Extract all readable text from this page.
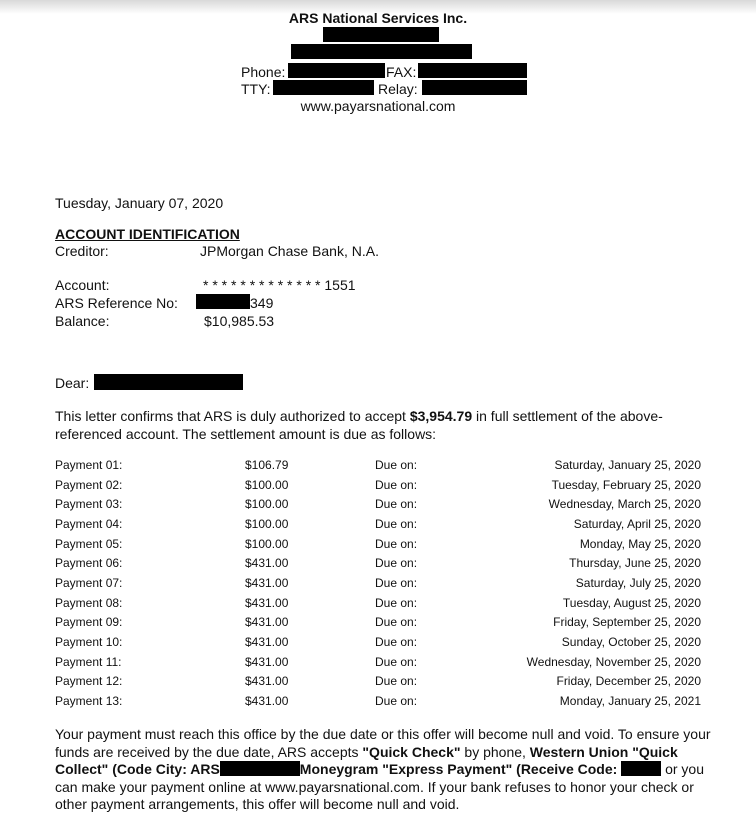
ARS National Services Inc.
Phone:	FAX:
TTY:	Relay:
www.payarsnational.com
Tuesday, January 07, 2020
ACCOUNT IDENTIFICATION
Creditor:	JPMorgan Chase Bank, N.A.
Account:	* * * * * * * * * * * * * 1551
ARS Reference No:	349
Balance:	$10,985.53
Dear:
This letter confirms that ARS is duly authorized to accept $3,954.79 in full settlement of the above-referenced account. The settlement amount is due as follows:
Payment 01:	$106.79	Due on:	Saturday, January 25, 2020
Payment 02:	$100.00	Due on:	Tuesday, February 25, 2020
Payment 03:	$100.00	Due on:	Wednesday, March 25, 2020
Payment 04:	$100.00	Due on:	Saturday, April 25, 2020
Payment 05:	$100.00	Due on:	Monday, May 25, 2020
Payment 06:	$431.00	Due on:	Thursday, June 25, 2020
Payment 07:	$431.00	Due on:	Saturday, July 25, 2020
Payment 08:	$431.00	Due on:	Tuesday, August 25, 2020
Payment 09:	$431.00	Due on:	Friday, September 25, 2020
Payment 10:	$431.00	Due on:	Sunday, October 25, 2020
Payment 11:	$431.00	Due on:	Wednesday, November 25, 2020
Payment 12:	$431.00	Due on:	Friday, December 25, 2020
Payment 13:	$431.00	Due on:	Monday, January 25, 2021
Your payment must reach this office by the due date or this offer will become null and void. To ensure your funds are received by the due date, ARS accepts "Quick Check" by phone, Western Union "Quick Collect" (Code City: ARS	Moneygram "Express Payment" (Receive Code:	or you can make your payment online at www.payarsnational.com. If your bank refuses to honor your check or other payment arrangements, this offer will become null and void.
